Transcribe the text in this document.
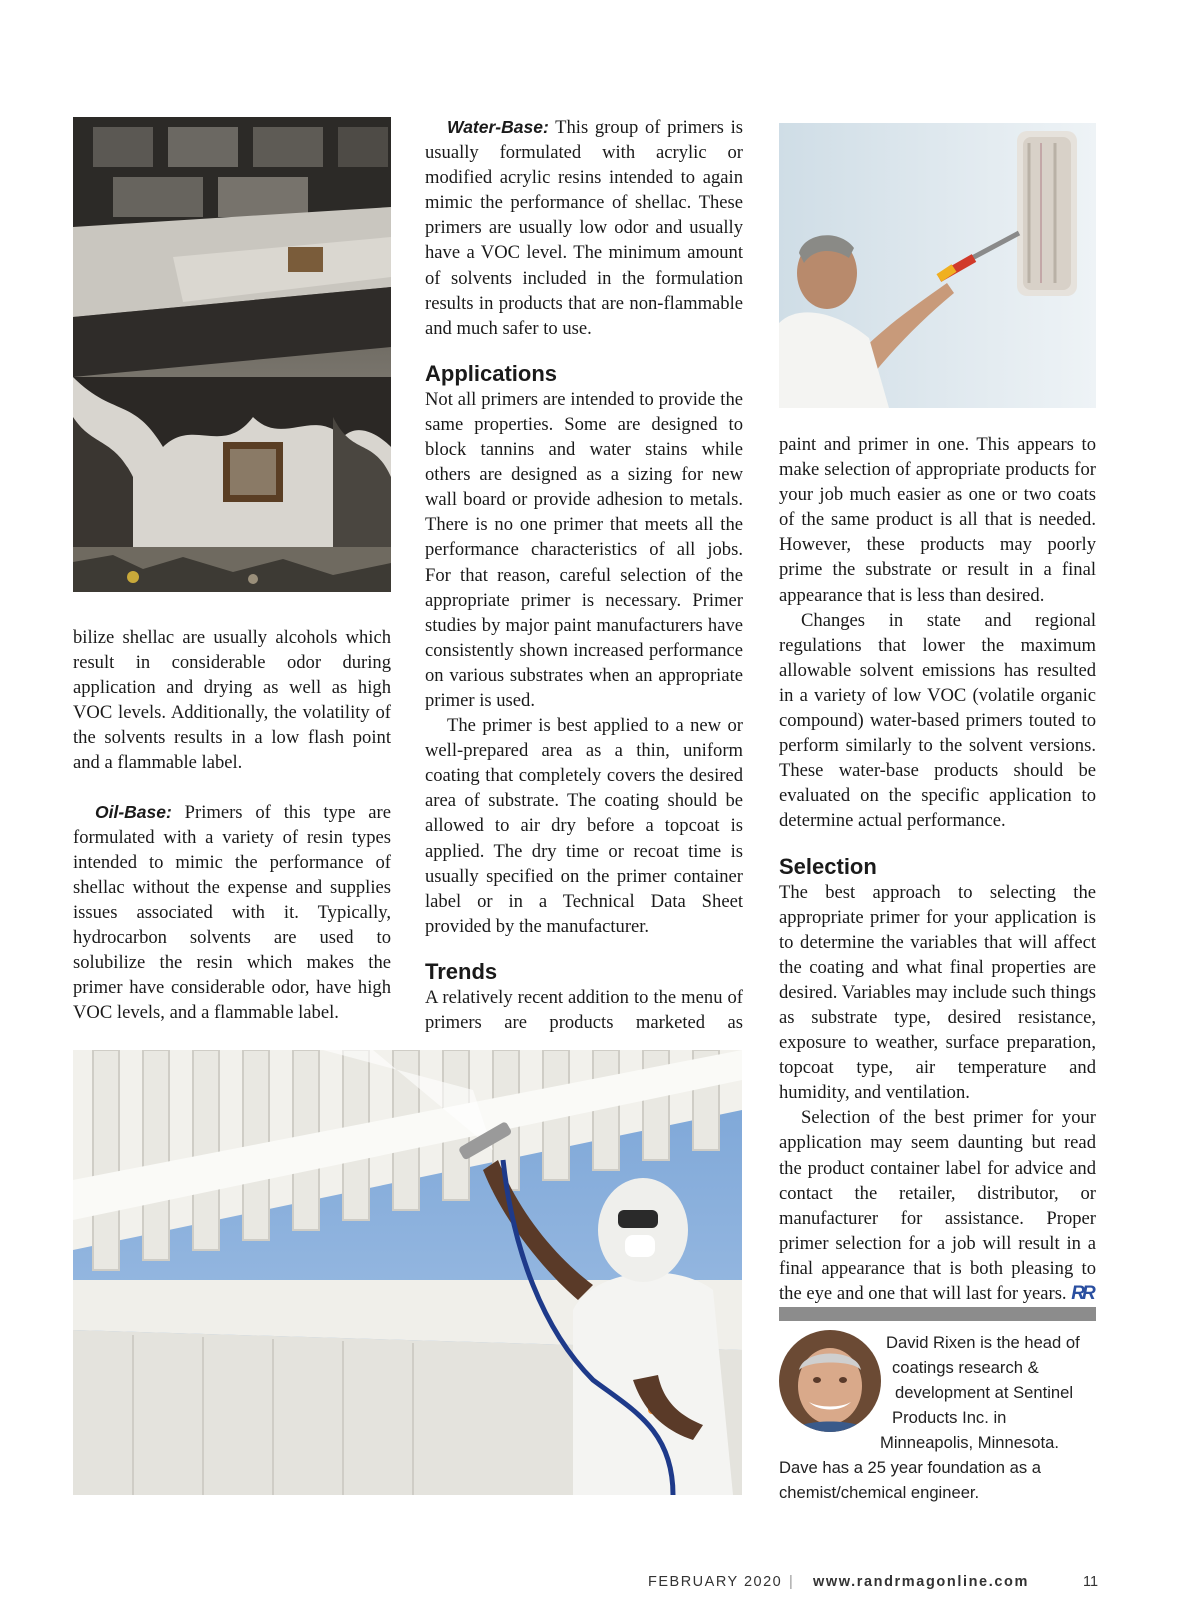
bilize shellac are usually alcohols which result in considerable odor during application and drying as well as high VOC levels. Additionally, the volatility of the solvents results in a low flash point and a flammable label.

Oil-Base: Primers of this type are formulated with a variety of resin types intended to mimic the performance of shellac without the expense and supplies issues associated with it. Typically, hydrocarbon solvents are used to solubilize the resin which makes the primer have considerable odor, have high VOC levels, and a flammable label.

Water-Base: This group of primers is usually formulated with acrylic or modified acrylic resins intended to again mimic the performance of shellac. These primers are usually low odor and usually have a VOC level. The minimum amount of solvents included in the formulation results in products that are non-flammable and much safer to use.

Applications

Not all primers are intended to provide the same properties. Some are designed to block tannins and water stains while others are designed as a sizing for new wall board or provide adhesion to metals. There is no one primer that meets all the performance characteristics of all jobs. For that reason, careful selection of the appropriate primer is necessary. Primer studies by major paint manufacturers have consistently shown increased performance on various substrates when an appropriate primer is used.

The primer is best applied to a new or well-prepared area as a thin, uniform coating that completely covers the desired area of substrate. The coating should be allowed to air dry before a topcoat is applied. The dry time or recoat time is usually specified on the primer container label or in a Technical Data Sheet provided by the manufacturer.

Trends

A relatively recent addition to the menu of primers are products marketed as

paint and primer in one. This appears to make selection of appropriate products for your job much easier as one or two coats of the same product is all that is needed. However, these products may poorly prime the substrate or result in a final appearance that is less than desired.

Changes in state and regional regulations that lower the maximum allowable solvent emissions has resulted in a variety of low VOC (volatile organic compound) water-based primers touted to perform similarly to the solvent versions. These water-base products should be evaluated on the specific application to determine actual performance.

Selection

The best approach to selecting the appropriate primer for your application is to determine the variables that will affect the coating and what final properties are desired. Variables may include such things as substrate type, desired resistance, exposure to weather, surface preparation, topcoat type, air temperature and humidity, and ventilation.

Selection of the best primer for your application may seem daunting but read the product container label for advice and contact the retailer, distributor, or manufacturer for assistance. Proper primer selection for a job will result in a final appearance that is both pleasing to the eye and one that will last for years. RR

David Rixen is the head of
coatings research &
development at Sentinel
Products Inc. in
Minneapolis, Minnesota.
Dave has a 25 year foundation as a
chemist/chemical engineer.
FEBRUARY 2020 | www.randrmagonline.com	11
